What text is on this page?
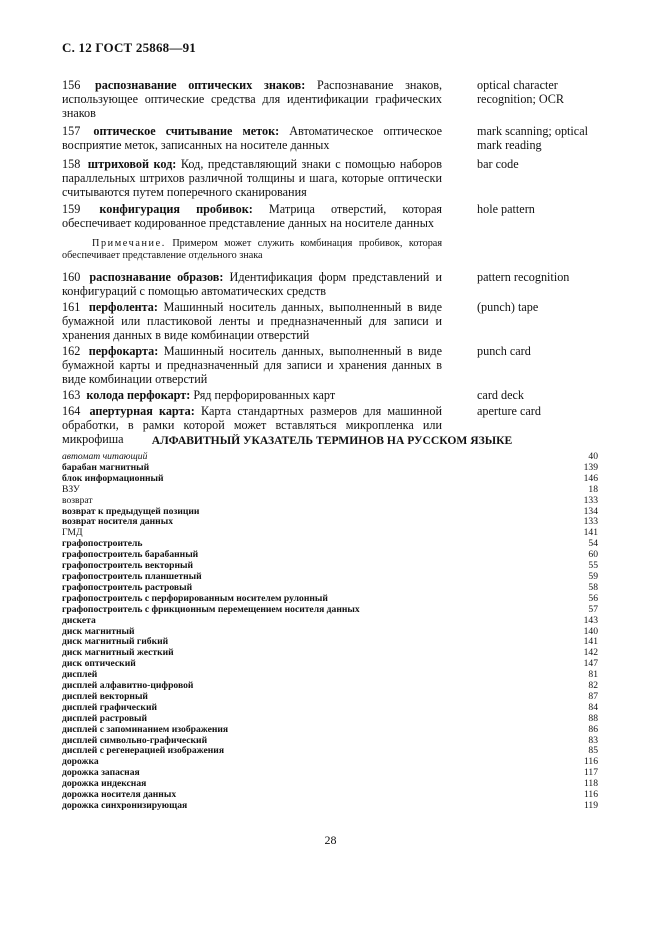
С. 12 ГОСТ 25868—91
156 распознавание оптических знаков: Распознавание знаков, использующее оптические средства для идентификации графических знаков
optical character recognition; OCR
157 оптическое считывание меток: Автоматическое оптическое восприятие меток, записанных на носителе данных
mark scanning; optical mark reading
158 штриховой код: Код, представляющий знаки с помощью наборов параллельных штрихов различной толщины и шага, которые оптически считываются путем поперечного сканирования
bar code
159 конфигурация пробивок: Матрица отверстий, которая обеспечивает кодированное представление данных на носителе данных
hole pattern
Примечание. Примером может служить комбинация пробивок, которая обеспечивает представление отдельного знака
160 распознавание образов: Идентификация форм представлений и конфигураций с помощью автоматических средств
pattern recognition
161 перфолента: Машинный носитель данных, выполненный в виде бумажной или пластиковой ленты и предназначенный для записи и хранения данных в виде комбинации отверстий
(punch) tape
162 перфокарта: Машинный носитель данных, выполненный в виде бумажной карты и предназначенный для записи и хранения данных в виде комбинации отверстий
punch card
163 колода перфокарт: Ряд перфорированных карт	card deck
164 апертурная карта: Карта стандартных размеров для машинной обработки, в рамки которой может вставляться микропленка или микрофиша
aperture card
АЛФАВИТНЫЙ УКАЗАТЕЛЬ ТЕРМИНОВ НА РУССКОМ ЯЗЫКЕ
автомат читающий	40
барабан магнитный	139
блок информационный	146
ВЗУ	18
возврат	133
возврат к предыдущей позиции	134
возврат носителя данных	133
ГМД	141
графопостроитель	54
графопостроитель барабанный	60
графопостроитель векторный	55
графопостроитель планшетный	59
графопостроитель растровый	58
графопостроитель с перфорированным носителем рулонный	56
графопостроитель с фрикционным перемещением носителя данных	57
дискета	143
диск магнитный	140
диск магнитный гибкий	141
диск магнитный жесткий	142
диск оптический	147
дисплей	81
дисплей алфавитно-цифровой	82
дисплей векторный	87
дисплей графический	84
дисплей растровый	88
дисплей с запоминанием изображения	86
дисплей символьно-графический	83
дисплей с регенерацией изображения	85
дорожка	116
дорожка запасная	117
дорожка индексная	118
дорожка носителя данных	116
дорожка синхронизирующая	119
28
